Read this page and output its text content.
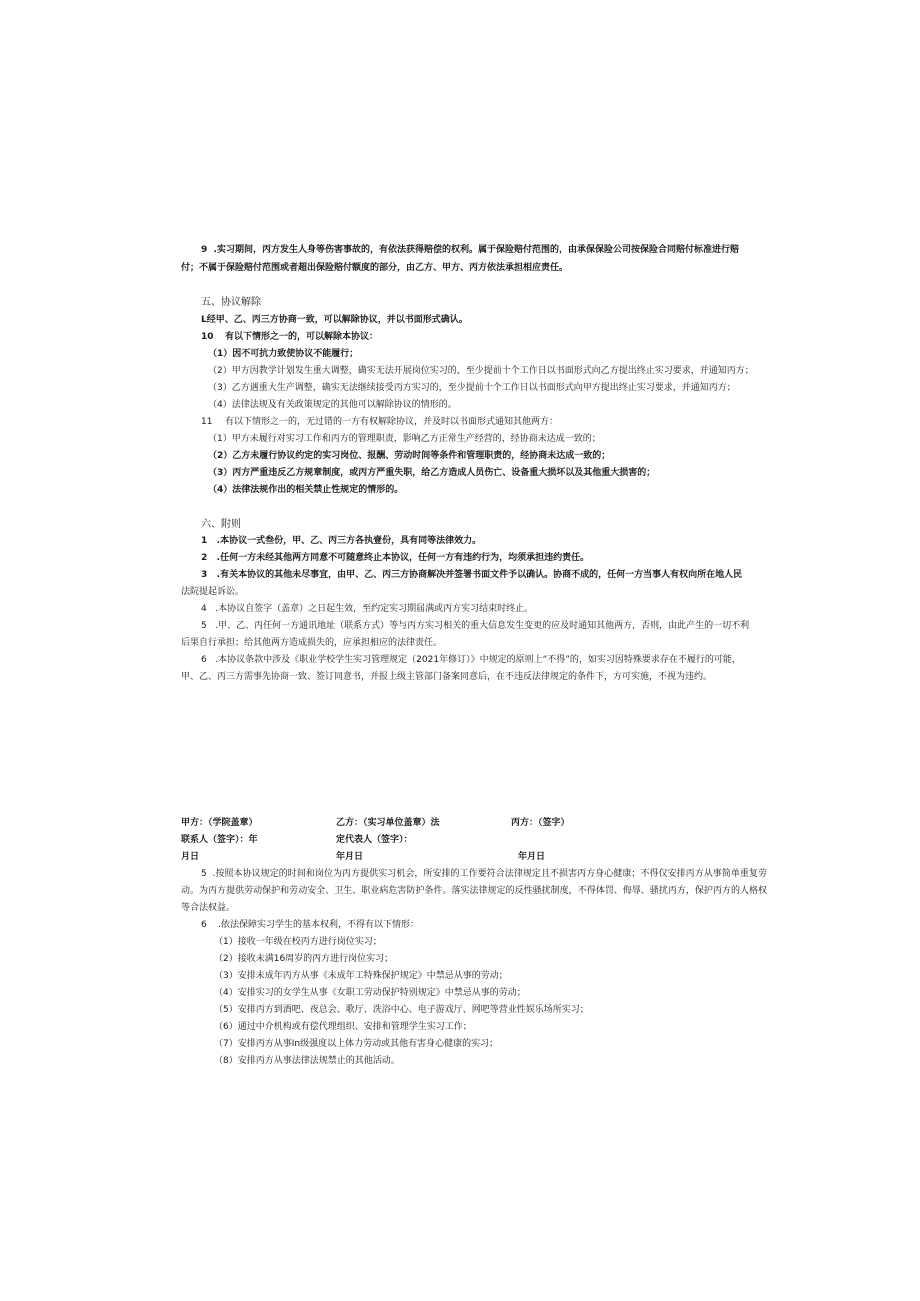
9  .实习期间，丙方发生人身等伤害事故的，有依法获得赔偿的权利。属于保险赔付范围的，由承保保险公司按保险合同赔付标准进行赔
付；不属于保险赔付范围或者超出保险赔付额度的部分，由乙方、甲方、丙方依法承担相应责任。
五、协议解除
L经甲、乙、丙三方协商一致，可以解除协议，并以书面形式确认。
10 有以下情形之一的，可以解除本协议：
（1）因不可抗力致使协议不能履行；
（2）甲方因教学计划发生重大调整，确实无法开展岗位实习的，至少提前十个工作日以书面形式向乙方提出终止实习要求，并通知丙方；
（3）乙方遇重大生产调整，确实无法继续接受丙方实习的，至少提前十个工作日以书面形式向甲方提出终止实习要求，并通知丙方；
（4）法律法规及有关政策规定的其他可以解除协议的情形的。
11 有以下情形之一的，无过错的一方有权解除协议，并及时以书面形式通知其他两方：
（1）甲方未履行对实习工作和丙方的管理职责，影响乙方正常生产经营的，经协商未达成一致的；
（2）乙方未履行协议约定的实习岗位、报酬、劳动时间等条件和管理职责的，经协商未达成一致的；
（3）丙方严重违反乙方规章制度，或丙方严重失职，给乙方造成人员伤亡、设备重大损坏以及其他重大损害的；
（4）法律法规作出的相关禁止性规定的情形的。
六、附则
1   .本协议一式叁份，甲、乙、丙三方各执壹份，具有同等法律效力。
2   .任何一方未经其他两方同意不可随意终止本协议，任何一方有违约行为，均须承担违约责任。
3   .有关本协议的其他未尽事宜，由甲、乙、丙三方协商解决并签署书面文件予以确认。协商不成的，任何一方当事人有权向所在地人民
法院提起诉讼。
4   .本协议自签字（盖章）之日起生效，至约定实习期届满或丙方实习结束时终止。
5   .甲、乙、丙任何一方通讯地址（联系方式）等与丙方实习相关的重大信息发生变更的应及时通知其他两方，否则，由此产生的一切不利
后果自行承担；给其他两方造成损失的，应承担相应的法律责任。
6   .本协议条款中涉及《职业学校学生实习管理规定（2021年修订）》中规定的原则上“不得”的，如实习因特殊要求存在不履行的可能，
甲、乙、丙三方需事先协商一致、签订同意书，并报上级主管部门备案同意后，在不违反法律规定的条件下，方可实施，不视为违约。
甲方：（学院盖章）	乙方：（实习单位盖章）法	丙方：（签字）
联系人（签字）：年	定代表人（签字）：
月日	年月日	年月日
5  .按照本协议规定的时间和岗位为丙方提供实习机会，所安排的工作要符合法律规定且不损害丙方身心健康；不得仅安排丙方从事简单重复劳动。为丙方提供劳动保护和劳动安全、卫生、职业病危害防护条件。落实法律规定的反性骚扰制度，不得体罚、侮辱、骚扰丙方，保护丙方的人格权等合法权益。
6    .依法保障实习学生的基本权利，不得有以下情形：
（1）接收一年级在校丙方进行岗位实习；
（2）接收未满16周岁的丙方进行岗位实习；
（3）安排未成年丙方从事《未成年工特殊保护规定》中禁忌从事的劳动；
（4）安排实习的女学生从事《女职工劳动保护特别规定》中禁忌从事的劳动；
（5）安排丙方到酒吧、夜总会、歌厅、洗浴中心、电子游戏厅、网吧等营业性娱乐场所实习；
（6）通过中介机构或有偿代理组织、安排和管理学生实习工作；
（7）安排丙方从事In级强度以上体力劳动或其他有害身心健康的实习；
（8）安排丙方从事法律法规禁止的其他活动。
